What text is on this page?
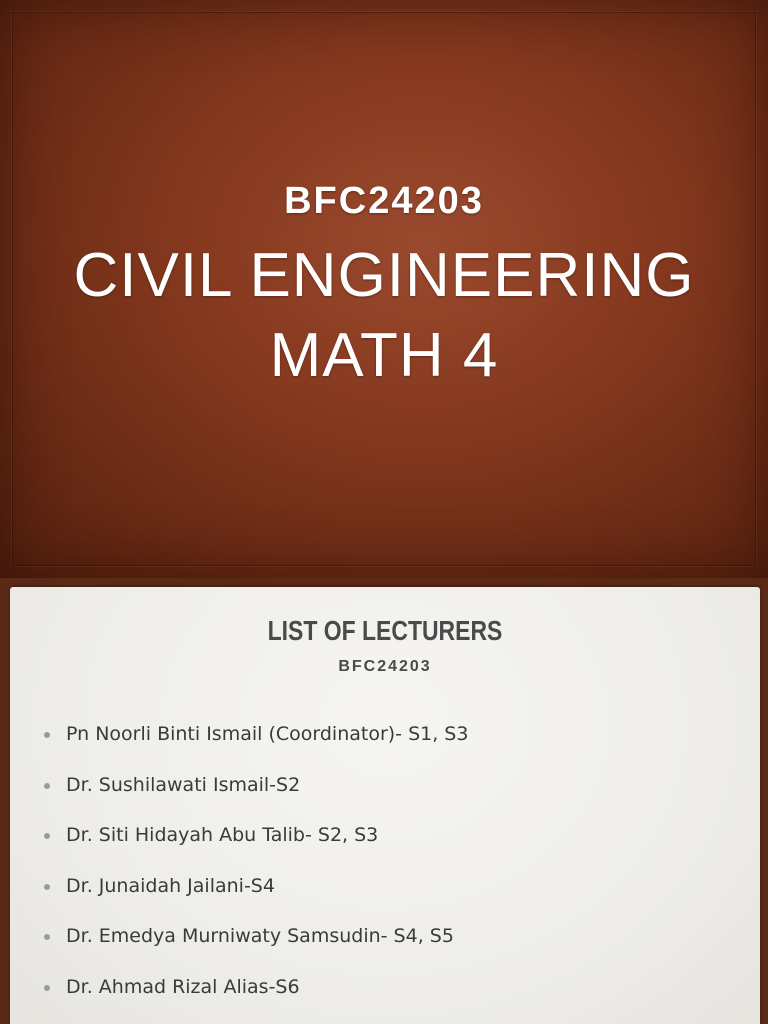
BFC24203
CIVIL ENGINEERING
MATH 4
LIST OF LECTURERS
BFC24203
Pn Noorli Binti Ismail (Coordinator)- S1, S3
Dr. Sushilawati Ismail-S2
Dr. Siti Hidayah Abu Talib- S2, S3
Dr. Junaidah Jailani-S4
Dr. Emedya Murniwaty Samsudin- S4, S5
Dr. Ahmad Rizal Alias-S6
